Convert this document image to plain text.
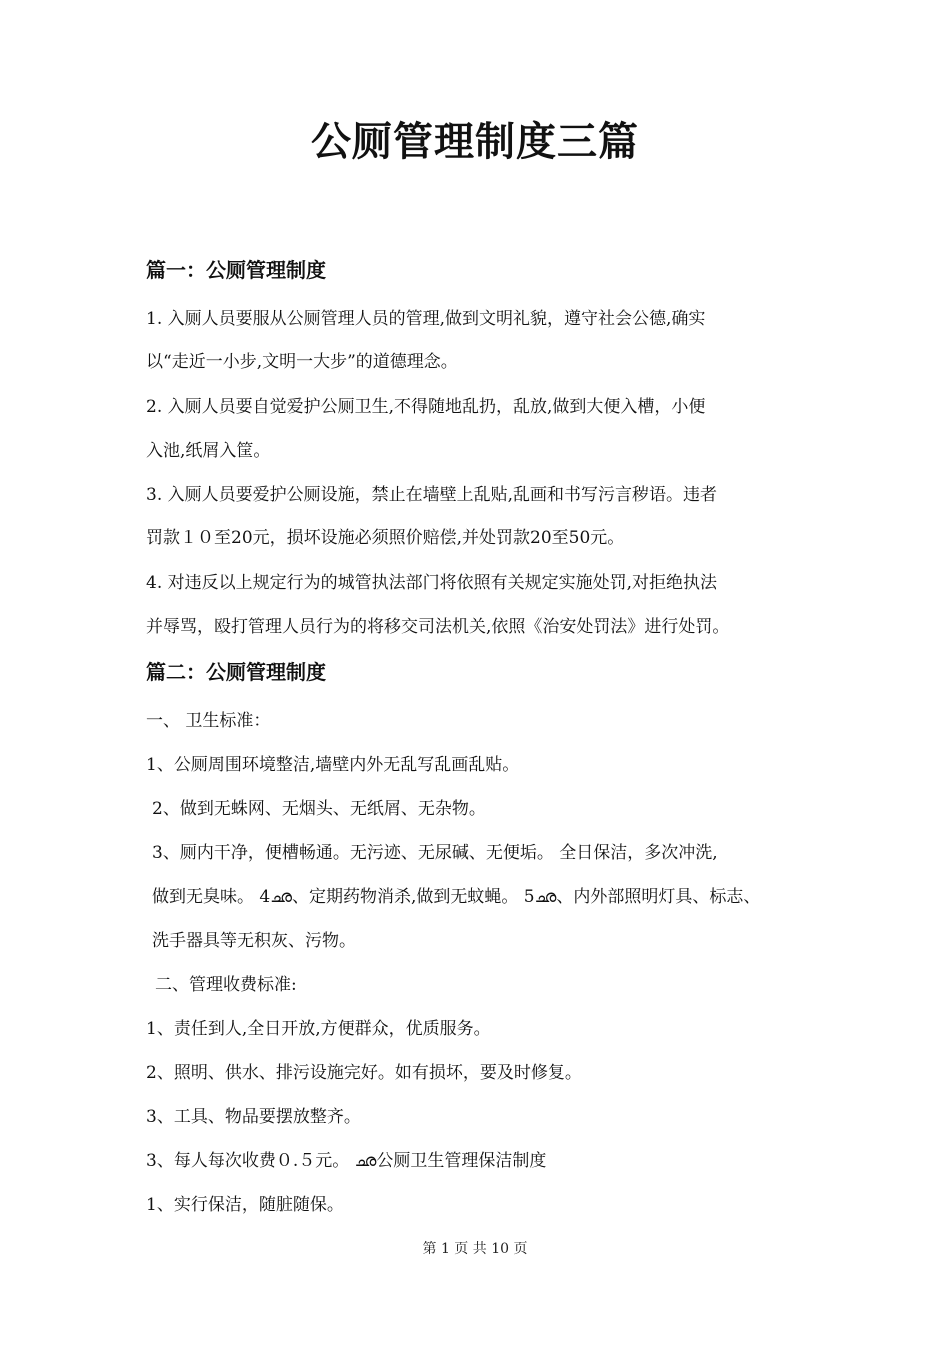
公厕管理制度三篇
篇一：公厕管理制度
1. 入厕人员要服从公厕管理人员的管理,做到文明礼貌，遵守社会公德,确实
以“走近一小步,文明一大步”的道德理念。
2. 入厕人员要自觉爱护公厕卫生,不得随地乱扔，乱放,做到大便入槽，小便
入池,纸屑入筐。
3. 入厕人员要爱护公厕设施，禁止在墙壁上乱贴,乱画和书写污言秽语。违者
罚款１０至20元，损坏设施必须照价赔偿,并处罚款20至50元。
4. 对违反以上规定行为的城管执法部门将依照有关规定实施处罚,对拒绝执法
并辱骂，殴打管理人员行为的将移交司法机关,依照《治安处罚法》进行处罚。
篇二：公厕管理制度
一、 卫生标准：
1、公厕周围环境整洁,墙壁内外无乱写乱画乱贴。
2、做到无蛛网、无烟头、无纸屑、无杂物。
3、厕内干净，便槽畅通。无污迹、无尿碱、无便垢。 全日保洁，多次冲洗,
做到无臭味。 4ഛ、定期药物消杀,做到无蚊蝇。 5ഛ、内外部照明灯具、标志、
洗手器具等无积灰、污物。
二、管理收费标准:
1、责任到人,全日开放,方便群众，优质服务。
2、照明、供水、排污设施完好。如有损坏，要及时修复。
3、工具、物品要摆放整齐。
3、每人每次收费０.５元。 ഛ公厕卫生管理保洁制度
1、实行保洁，随脏随保。
第 1 页 共 10 页
